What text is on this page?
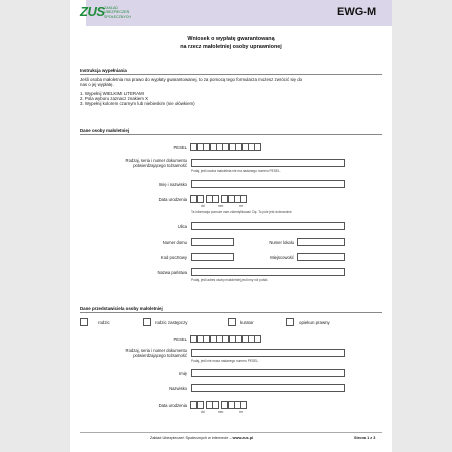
ZUS ZAKŁAD
UBEZPIECZEŃ
SPOŁECZNYCH	EWG-M
Wniosek o wypłatę gwarantowaną
na rzecz małoletniej osoby uprawnionej
Instrukcja wypełniania
Jeśli osoba małoletnia ma prawo do wypłaty gwarantowanej, to za pomocą tego formularza możesz zwrócić się do
nas o jej wypłatę.
1. Wypełnij WIELKIMI LITERAMI
2. Pola wyboru zaznacz znakiem X
3. Wypełnij kolorem czarnym lub niebieskim (nie ołówkiem)
Dane osoby małoletniej
PESEL
Rodzaj, seria i numer dokumentu
potwierdzającego tożsamość
Podaj, jeśli osoba małoletnia nie ma nadanego numeru PESEL.
Imię i nazwisko
Data urodzenia
dd	mm	rrrr
Ta informacja pomoże nam zidentyfikować Cię. To pole jest dobrowolne
Ulica
Numer domu	Numer lokalu
Kod pocztowy	Miejscowość
Nazwa państwa
Podaj, jeśli adres osoby małoletniej jest inny niż polski.
Dane przedstawiciela osoby małoletniej
rodzic	rodzic zastępczy	kurator	opiekun prawny
PESEL
Rodzaj, seria i numer dokumentu
potwierdzającego tożsamość
Podaj, jeśli nie masz nadanego numeru PESEL.
Imię
Nazwisko
Data urodzenia
dd	mm	rrrr
Zakład Ubezpieczeń Społecznych w internecie – www.zus.pl	Strona 1 z 3
